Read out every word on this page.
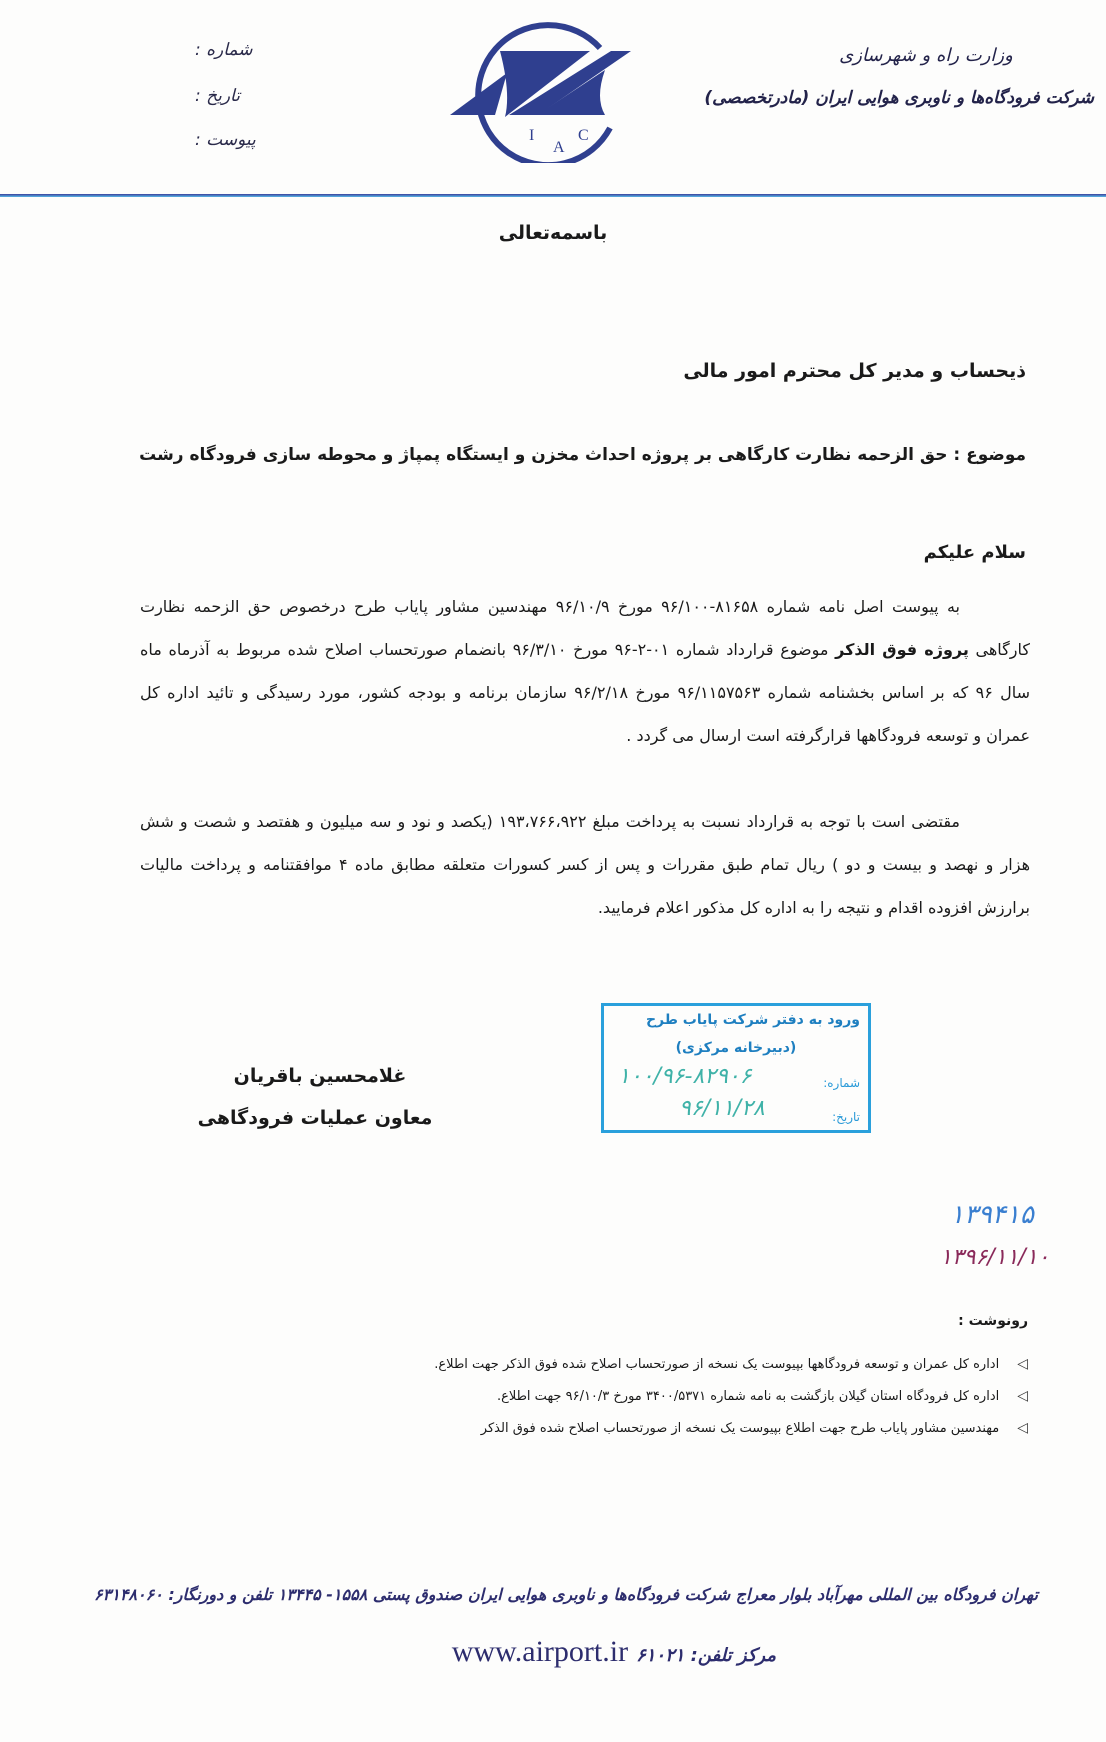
شماره :
تاریخ :
پیوست :	I
A
C
وزارت راه و شهرسازی
شرکت فرودگاه‌ها و ناوبری هوایی ایران (مادرتخصصی)
باسمه‌تعالی
ذیحساب و مدیر کل محترم امور مالی
موضوع : حق الزحمه نظارت کارگاهی بر پروژه احداث مخزن و ایستگاه پمپاژ و محوطه سازی فرودگاه رشت
سلام علیکم
به پیوست اصل نامه شماره ۸۱۶۵۸-۹۶/۱۰۰ مورخ ۹۶/۱۰/۹ مهندسین مشاور پایاب طرح درخصوص حق الزحمه نظارت کارگاهی پروژه فوق الذکر موضوع قرارداد شماره ۰۱-۲-۹۶ مورخ ۹۶/۳/۱۰ بانضمام صورتحساب اصلاح شده مربوط به آذرماه ماه سال ۹۶ که بر اساس بخشنامه شماره ۹۶/۱۱۵۷۵۶۳ مورخ ۹۶/۲/۱۸ سازمان برنامه و بودجه کشور، مورد رسیدگی و تائید اداره کل عمران و توسعه فرودگاهها قرارگرفته است ارسال می گردد .
مقتضی است با توجه به قرارداد نسبت به پرداخت مبلغ ۱۹۳،۷۶۶،۹۲۲ (یکصد و نود و سه میلیون و هفتصد و شصت و شش هزار و نهصد و بیست و دو ) ریال تمام طبق مقررات و پس از کسر کسورات متعلقه مطابق ماده ۴ موافقتنامه و پرداخت مالیات برارزش افزوده اقدام و نتیجه را به اداره کل مذکور اعلام فرمایید.
غلامحسین باقریان
معاون عملیات فرودگاهی
ورود به دفتر شرکت پایاب طرح
(دبیرخانه مرکزی)
شماره:
۱۰۰/۹۶-۸۲۹۰۶
تاریخ:
۹۶/۱۱/۲۸
۱۳۹۴۱۵
۱۳۹۶/۱۱/۱۰
رونوشت :
◁
اداره کل عمران و توسعه فرودگاهها بپیوست یک نسخه از صورتحساب اصلاح شده فوق الذکر جهت اطلاع.
◁
اداره کل فرودگاه استان گیلان بازگشت به نامه شماره ۳۴۰۰/۵۳۷۱ مورخ ۹۶/۱۰/۳ جهت اطلاع.
◁
مهندسین مشاور پایاب طرح جهت اطلاع بپیوست یک نسخه از صورتحساب اصلاح شده فوق الذکر
تهران فرودگاه بین المللی مهرآباد بلوار معراج شرکت فرودگاه‌ها و ناوبری هوایی ایران صندوق پستی ۱۵۵۸- ۱۳۴۴۵ تلفن و دورنگار: ۶۳۱۴۸۰۶۰
مرکز تلفن: ۶۱۰۲۱
www.airport.ir
